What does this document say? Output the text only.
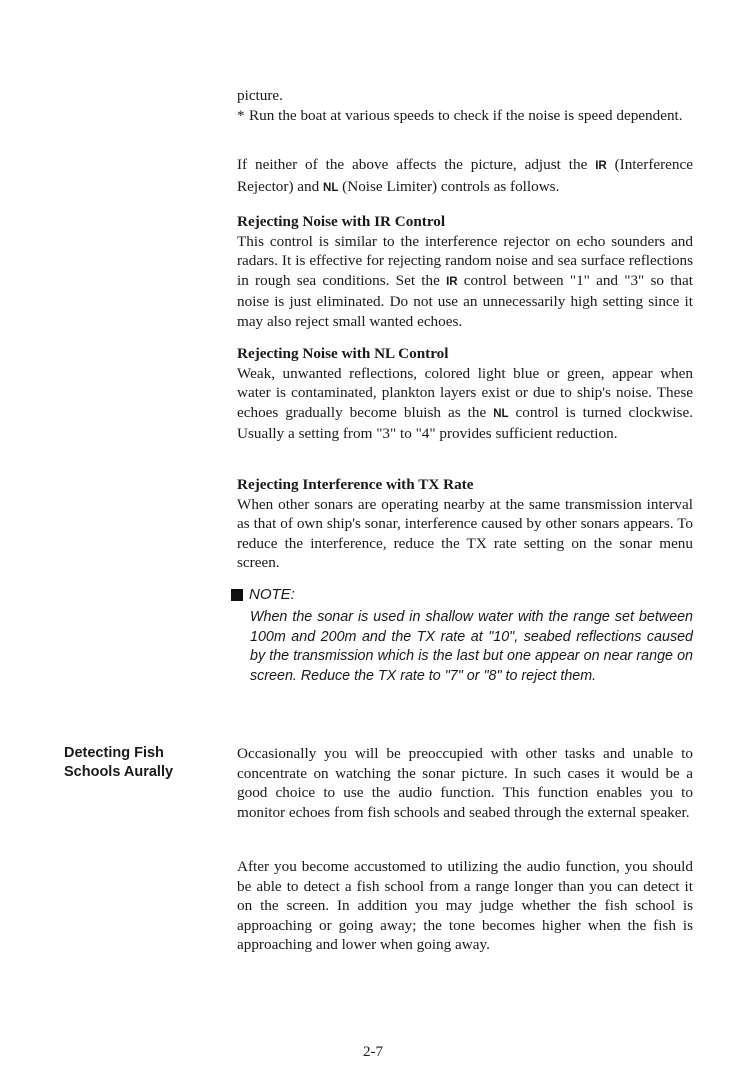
picture.

* Run the boat at various speeds to check if the noise is speed dependent.

If neither of the above affects the picture, adjust the IR (Interference Rejector) and NL (Noise Limiter) controls as follows.

Rejecting Noise with IR Control

This control is similar to the interference rejector on echo sounders and radars. It is effective for rejecting random noise and sea surface reflections in rough sea conditions. Set the IR control between "1" and "3" so that noise is just eliminated. Do not use an unnecessarily high setting since it may also reject small wanted echoes.

Rejecting Noise with NL Control

Weak, unwanted reflections, colored light blue or green, appear when water is contaminated, plankton layers exist or due to ship's noise. These echoes gradually become bluish as the NL control is turned clockwise. Usually a setting from "3" to "4" provides sufficient reduction.

Rejecting Interference with TX Rate

When other sonars are operating nearby at the same transmission interval as that of own ship's sonar, interference caused by other sonars appears. To reduce the interference, reduce the TX rate setting on the sonar menu screen.

NOTE:
When the sonar is used in shallow water with the range set between 100m and 200m and the TX rate at "10", seabed reflections caused by the transmission which is the last but one appear on near range on screen. Reduce the TX rate to "7" or "8" to reject them.
Detecting Fish
Schools Aurally

Occasionally you will be preoccupied with other tasks and unable to concentrate on watching the sonar picture. In such cases it would be a good choice to use the audio function. This function enables you to monitor echoes from fish schools and seabed through the external speaker.

After you become accustomed to utilizing the audio function, you should be able to detect a fish school from a range longer than you can detect it on the screen. In addition you may judge whether the fish school is approaching or going away; the tone becomes higher when the fish is approaching and lower when going away.

2-7
